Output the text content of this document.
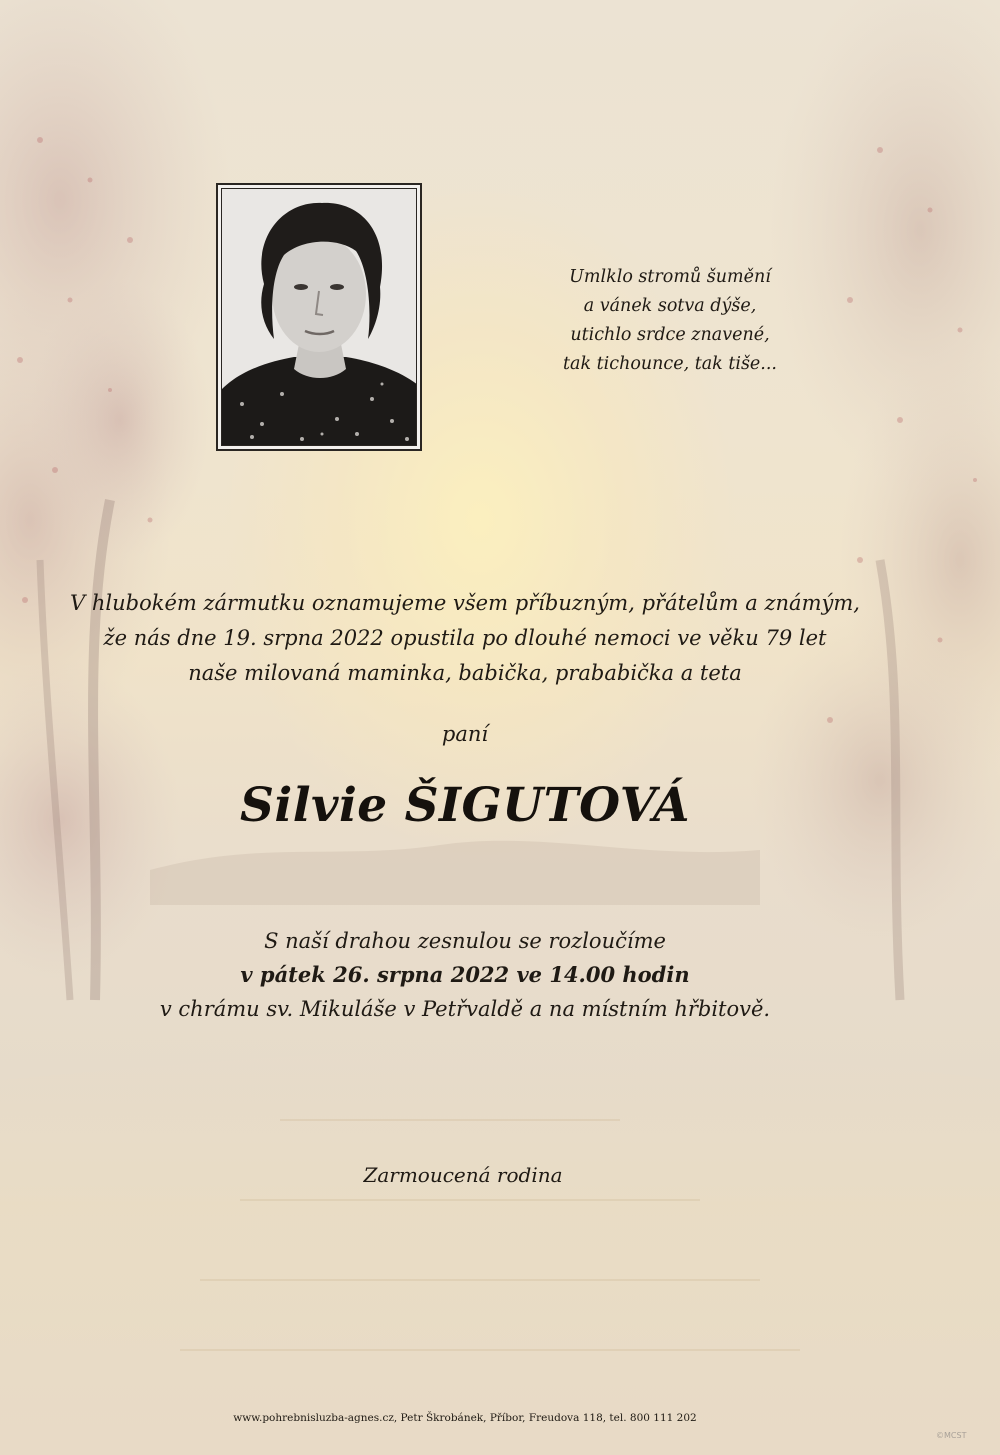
Umlklo stromů šumění
a vánek sotva dýše,
utichlo srdce znavené,
tak tichounce, tak tiše...
V hlubokém zármutku oznamujeme všem příbuzným, přátelům a známým,
že nás dne 19. srpna 2022 opustila po dlouhé nemoci ve věku 79 let
naše milovaná maminka, babička, prababička a teta
paní
Silvie ŠIGUTOVÁ
S naší drahou zesnulou se rozloučíme
v pátek 26. srpna 2022 ve 14.00 hodin
v chrámu sv. Mikuláše v Petřvaldě a na místním hřbitově.
Zarmoucená rodina
www.pohrebnisluzba-agnes.cz, Petr Škrobánek, Příbor, Freudova 118, tel. 800 111 202
©MCST
